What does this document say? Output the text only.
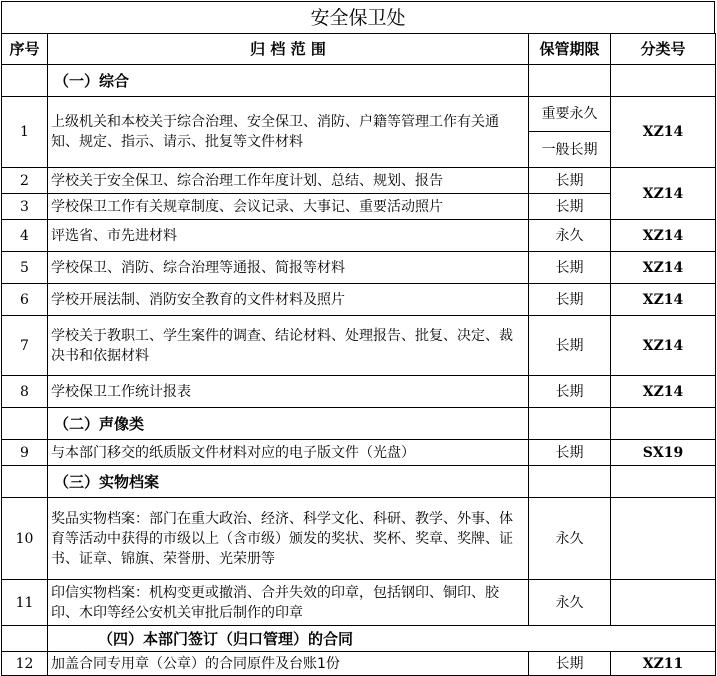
安全保卫处
序号	归 档 范 围	保管期限	分类号
	（一）综合		
1	上级机关和本校关于综合治理、安全保卫、消防、户籍等管理工作有关通知、规定、指示、请示、批复等文件材料	重要永久	XZ14
		一般长期	
2	学校关于安全保卫、综合治理工作年度计划、总结、规划、报告	长期	XZ14
3	学校保卫工作有关规章制度、会议记录、大事记、重要活动照片	长期	
4	评选省、市先进材料	永久	XZ14
5	学校保卫、消防、综合治理等通报、简报等材料	长期	XZ14
6	学校开展法制、消防安全教育的文件材料及照片	长期	XZ14
7	学校关于教职工、学生案件的调查、结论材料、处理报告、批复、决定、裁决书和依据材料	长期	XZ14
8	学校保卫工作统计报表	长期	XZ14
	（二）声像类		
9	与本部门移交的纸质版文件材料对应的电子版文件（光盘）	长期	SX19
	（三）实物档案		
10	奖品实物档案：部门在重大政治、经济、科学文化、科研、教学、外事、体育等活动中获得的市级以上（含市级）颁发的奖状、奖杯、奖章、奖牌、证书、证章、锦旗、荣誉册、光荣册等	永久	
11	印信实物档案：机构变更或撤消、合并失效的印章，包括钢印、铜印、胶印、木印等经公安机关审批后制作的印章	永久	
	（四）本部门签订（归口管理）的合同		
12	加盖合同专用章（公章）的合同原件及台账1份	长期	XZ11
